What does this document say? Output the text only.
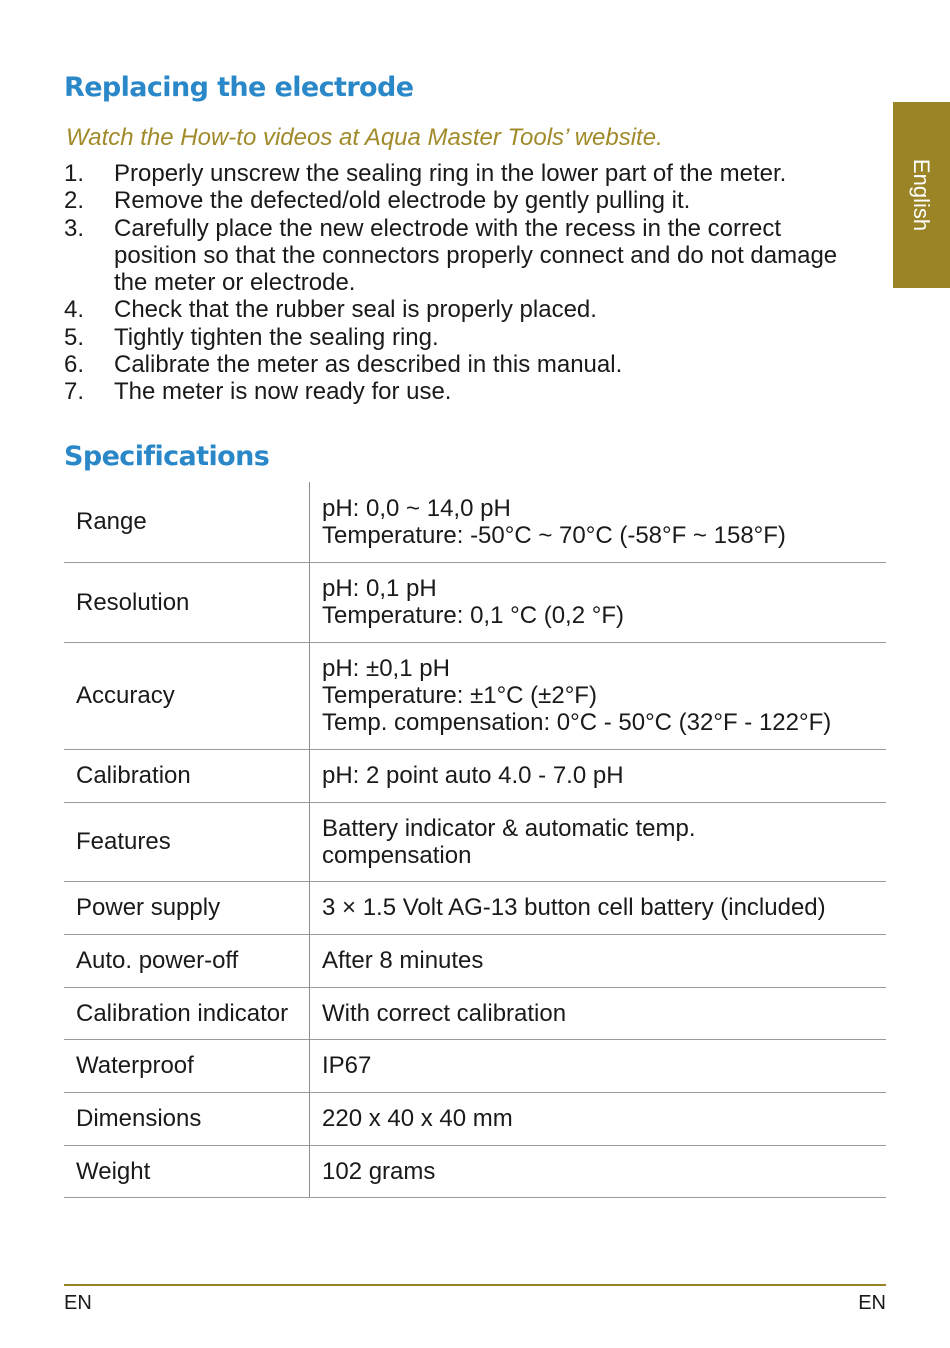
Replacing the electrode

Watch the How-to videos at Aqua Master Tools’ website.

1.	Properly unscrew the sealing ring in the lower part of the meter.
2.	Remove the defected/old electrode by gently pulling it.
3.	Carefully place the new electrode with the recess in the correct position so that the connectors properly connect and do not damage the meter or electrode.
4.	Check that the rubber seal is properly placed.
5.	Tightly tighten the sealing ring.
6.	Calibrate the meter as described in this manual.
7.	The meter is now ready for use.
English
Specifications
Range	pH: 0,0 ~ 14,0 pH
Temperature: -50°C ~ 70°C (-58°F ~ 158°F)

Resolution	pH: 0,1 pH
Temperature: 0,1 °C (0,2 °F)

Accuracy	pH: ±0,1 pH
Temperature: ±1°C (±2°F)
Temp. compensation: 0°C - 50°C (32°F - 122°F)

Calibration	pH: 2 point auto 4.0 - 7.0 pH

Features	Battery indicator & automatic temp.
compensation

Power supply	3 × 1.5 Volt AG-13 button cell battery (included)

Auto. power-off	After 8 minutes

Calibration indicator	With correct calibration

Waterproof	IP67

Dimensions	220 x 40 x 40 mm

Weight	102 grams
EN	EN
